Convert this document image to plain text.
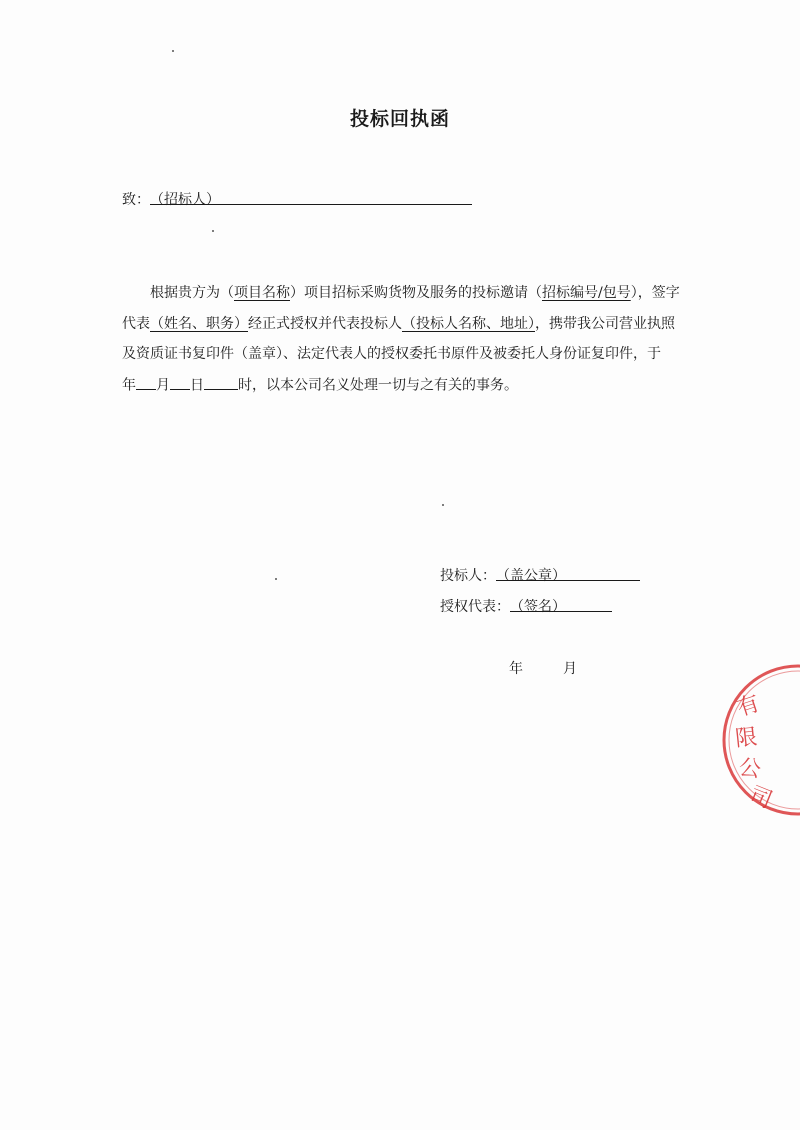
投标回执函
致：（招标人）
根据贵方为（项目名称）项目招标采购货物及服务的投标邀请（招标编号/包号），签字
代表（姓名、职务）经正式授权并代表投标人（投标人名称、地址），携带我公司营业执照
及资质证书复印件（盖章）、法定代表人的授权委托书原件及被委托人身份证复印件，于
年 月 日 时，以本公司名义处理一切与之有关的事务。
投标人：（盖公章）
授权代表：（签名）
年	月
有
限
公
司
